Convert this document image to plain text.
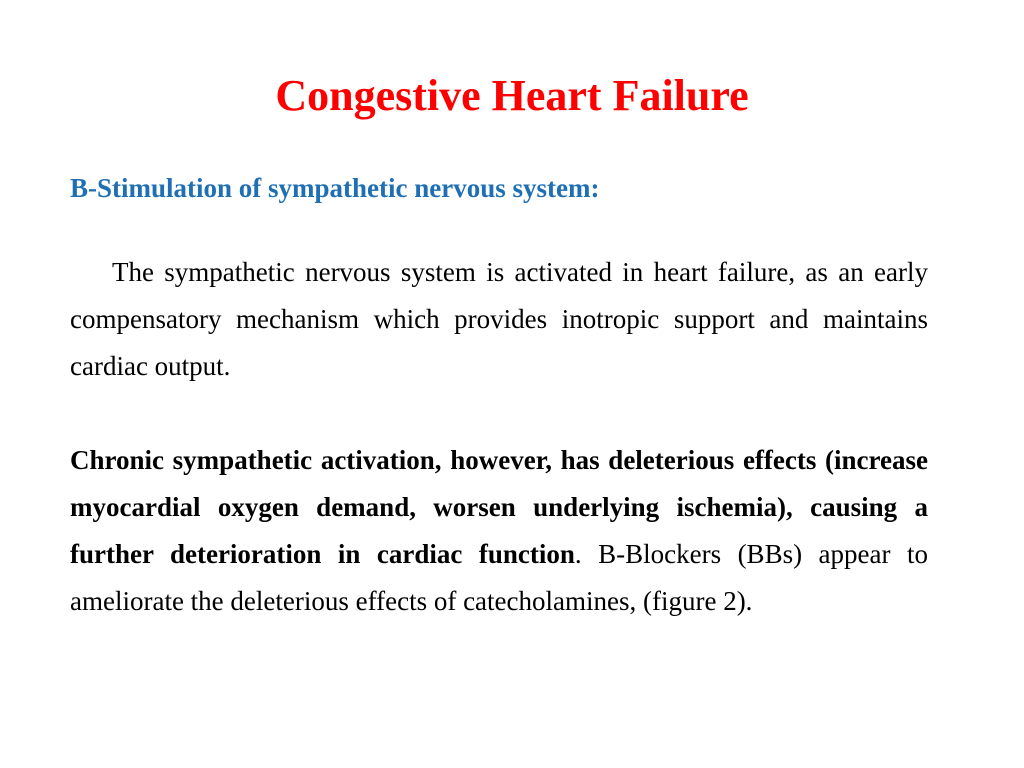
Congestive Heart Failure
B-Stimulation of sympathetic nervous system:

The sympathetic nervous system is activated in heart failure, as an early compensatory mechanism which provides inotropic support and maintains cardiac output.

Chronic sympathetic activation, however, has deleterious effects (increase myocardial oxygen demand, worsen underlying ischemia), causing a further deterioration in cardiac function. B-Blockers (BBs) appear to ameliorate the deleterious effects of catecholamines, (figure 2).
